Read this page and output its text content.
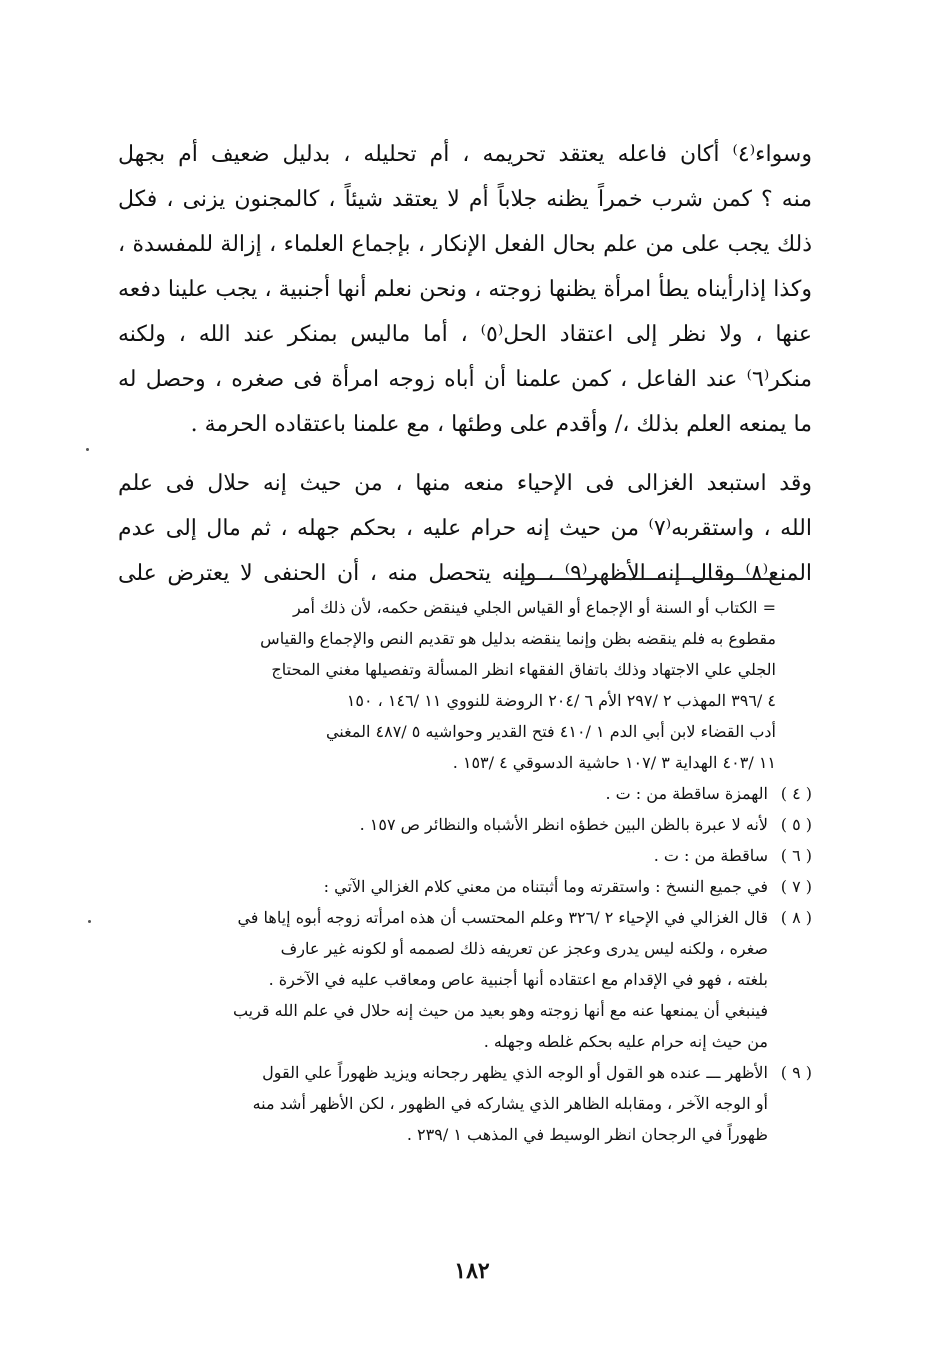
وسواء⁽٤⁾ أكان فاعله يعتقد تحريمه ، أم تحليله ، بدليل ضعيف أم بجهل
منه ؟ كمن شرب خمراً يظنه جلاباً أم لا يعتقد شيئاً ، كالمجنون يزنى ، فكل
ذلك يجب على من علم بحال الفعل الإنكار ، بإجماع العلماء ، إزالة للمفسدة ،
وكذا إذارأيناه يطأ امرأة يظنها زوجته ، ونحن نعلم أنها أجنبية ، يجب علينا دفعه
عنها ، ولا نظر إلى اعتقاد الحل⁽٥⁾ ، أما ماليس بمنكر عند الله ، ولكنه
منكر⁽٦⁾ عند الفاعل ، كمن علمنا أن أباه زوجه امرأة فى صغره ، وحصل له
ما يمنعه العلم بذلك ،/ وأقدم على وطئها ، مع علمنا باعتقاده الحرمة .
وقد استبعد الغزالى فى الإحياء منعه منها ، من حيث إنه حلال فى علم
الله ، واستقربه⁽٧⁾ من حيث إنه حرام عليه ، بحكم جهله ، ثم مال إلى عدم
المنع⁽٨⁾ وقال إنه الأظهر⁽٩⁾ ، وإنه يتحصل منه ، أن الحنفى لا يعترض على
= الكتاب أو السنة أو الإجماع أو القياس الجلي فينقض حكمه، لأن ذلك أمر
مقطوع به فلم ينقضه بظن وإنما ينقضه بدليل هو تقديم النص والإجماع والقياس
الجلي علي الاجتهاد وذلك باتفاق الفقهاء انظر المسألة وتفصيلها مغني المحتاج
٤ /٣٩٦ المهذب ٢ /٢٩٧ الأم ٦ /٢٠٤ الروضة للنووي ١١ /١٤٦ ، ١٥٠
أدب القضاء لابن أبي الدم ١ /٤١٠ فتح القدير وحواشيه ٥ /٤٨٧ المغني
١١ /٤٠٣ الهداية ٣ /١٠٧ حاشية الدسوقي ٤ /١٥٣ .
( ٤ )
الهمزة ساقطة من : ت .
( ٥ )
لأنه لا عبرة بالظن البين خطؤه انظر الأشباه والنظائر ص ١٥٧ .
( ٦ )
ساقطة من : ت .
( ٧ )
في جميع النسخ : واستقرته وما أثبتناه من معني كلام الغزالي الآتي :
( ٨ )
قال الغزالي في الإحياء ٢ /٣٢٦ وعلم المحتسب أن هذه امرأته زوجه أبوه إياها في
صغره ، ولكنه ليس يدرى وعجز عن تعريفه ذلك لصممه أو لكونه غير عارف
بلغته ، فهو في الإقدام مع اعتقاده أنها أجنبية عاص ومعاقب عليه في الآخرة .
فينبغي أن يمنعها عنه مع أنها زوجته وهو بعيد من حيث إنه حلال في علم الله قريب
من حيث إنه حرام عليه بحكم غلطه وجهله .
( ٩ )
الأظهر ـــ عنده هو القول أو الوجه الذي يظهر رجحانه ويزيد ظهوراً علي القول
أو الوجه الآخر ، ومقابله الظاهر الذي يشاركه في الظهور ، لكن الأظهر أشد منه
ظهوراً في الرجحان انظر الوسيط في المذهب ١ /٢٣٩ .
١٨٢
